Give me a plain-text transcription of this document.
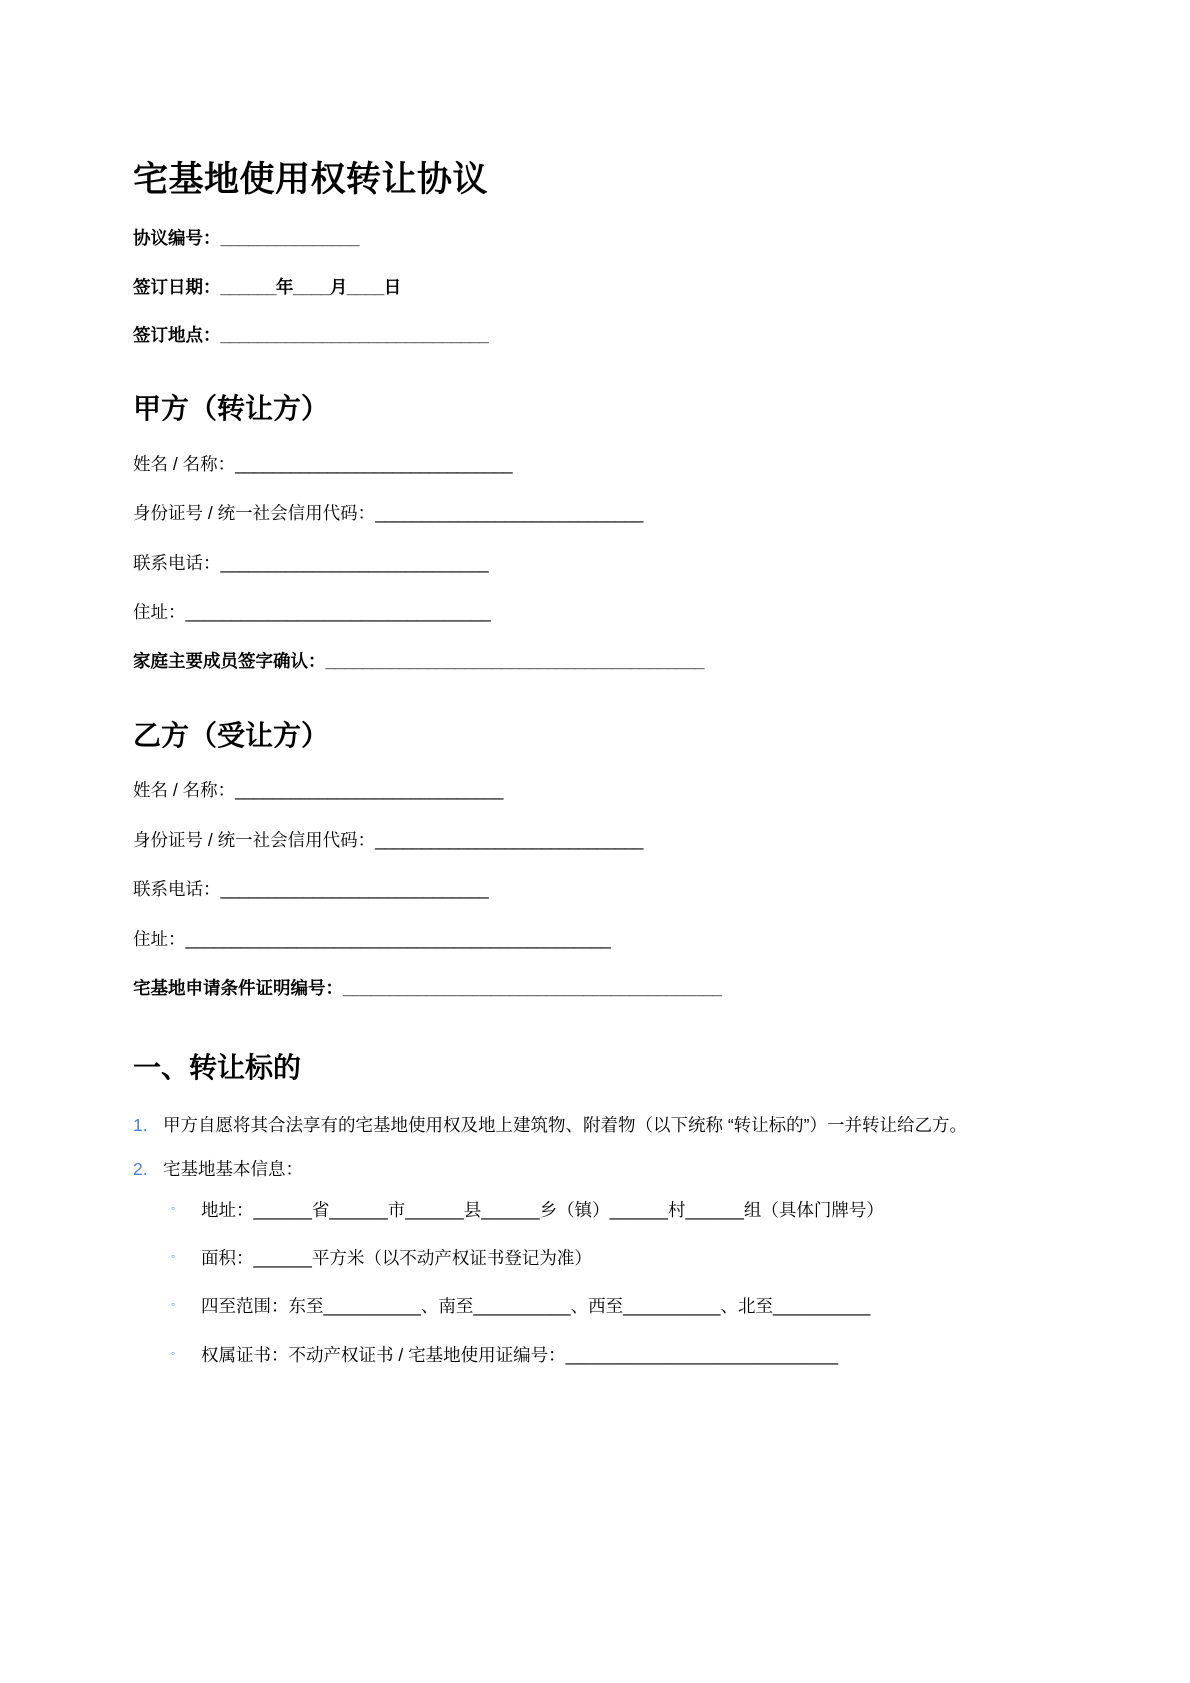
宅基地使用权转让协议
协议编号：_______________
签订日期：______年____月____日
签订地点：_____________________________
甲方（转让方）
姓名 / 名称：______________________________
身份证号 / 统一社会信用代码：_____________________________
联系电话：_____________________________
住址：_________________________________
家庭主要成员签字确认：_________________________________________
乙方（受让方）
姓名 / 名称：_____________________________
身份证号 / 统一社会信用代码：_____________________________
联系电话：_____________________________
住址：______________________________________________
宅基地申请条件证明编号：_________________________________________
一、转让标的
1. 甲方自愿将其合法享有的宅基地使用权及地上建筑物、附着物（以下统称 “转让标的”）一并转让给乙方。
2. 宅基地基本信息：
◦ 地址：______省______市______县______乡（镇）______村______组（具体门牌号）
◦ 面积：______平方米（以不动产权证书登记为准）
◦ 四至范围：东至__________、南至__________、西至__________、北至__________
◦ 权属证书：不动产权证书 / 宅基地使用证编号：____________________________
